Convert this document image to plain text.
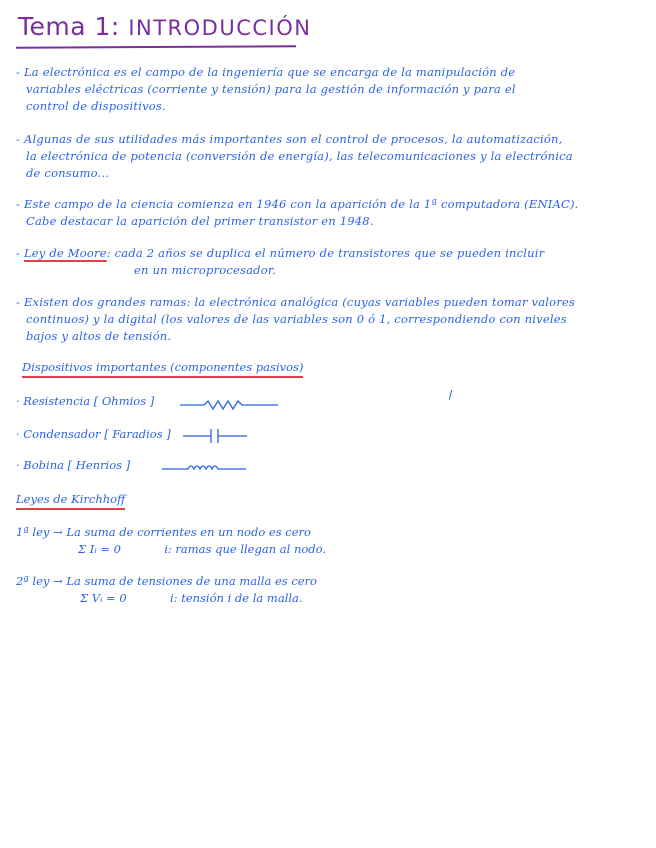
Tema 1: INTRODUCCIÓN
- La electrónica es el campo de la ingeniería que se encarga de la manipulación de
variables eléctricas (corriente y tensión) para la gestión de información y para el
control de dispositivos.
- Algunas de sus utilidades más importantes son el control de procesos, la automatización,
la electrónica de potencia (conversión de energía), las telecomunicaciones y la electrónica
de consumo...
- Este campo de la ciencia comienza en 1946 con la aparición de la 1ª computadora (ENIAC).
Cabe destacar la aparición del primer transistor en 1948.
- Ley de Moore: cada 2 años se duplica el número de transistores que se pueden incluir
en un microprocesador.
- Existen dos grandes ramas: la electrónica analógica (cuyas variables pueden tomar valores
continuos) y la digital (los valores de las variables son 0 ó 1, correspondiendo con niveles
bajos y altos de tensión.
Dispositivos importantes (componentes pasivos)
· Resistencia [ Ohmios ]
· Condensador [ Faradios ]
· Bobina [ Henrios ]
Leyes de Kirchhoff
1ª ley → La suma de corrientes en un nodo es cero
Σ Iᵢ = 0	i: ramas que llegan al nodo.
2ª ley → La suma de tensiones de una malla es cero
Σ Vᵢ = 0	i: tensión i de la malla.
